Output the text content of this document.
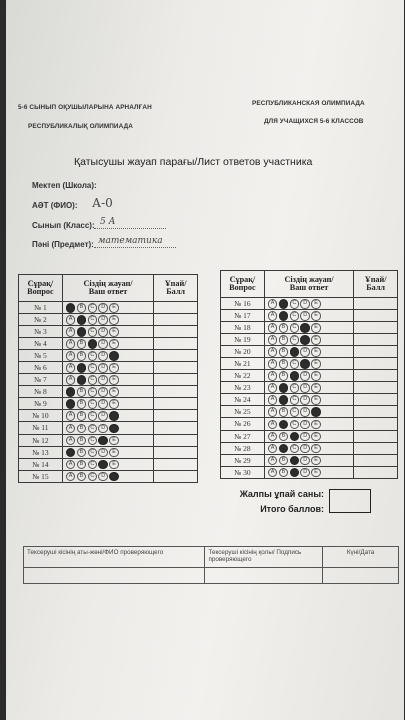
5-6 СЫНЫП ОҚУШЫЛАРЫНА АРНАЛҒАН
РЕСПУБЛИКАЛЫҚ ОЛИМПИАДА
РЕСПУБЛИКАНСКАЯ ОЛИМПИАДА
ДЛЯ УЧАЩИХСЯ 5-6 КЛАССОВ
Қатысушы жауап парағы/Лист ответов участника
Мектеп (Школа):
АӘТ (ФИО): А-0
Сынып (Класс): 5 А
Пәні (Предмет): математика
Сұрақ/
Вопрос	Сіздің жауап/
Ваш ответ	Ұпай/
Балл
№ 1	A B C D E	
№ 2	A B C D E	
№ 3	A B C D E	
№ 4	A B C D E	
№ 5	A B C D E	
№ 6	A B C D E	
№ 7	A B C D E	
№ 8	A B C D E	
№ 9	A B C D E	
№ 10	A B C D E	
№ 11	A B C D E	
№ 12	A B C D E	
№ 13	A B C D E	
№ 14	A B C D E	
№ 15	A B C D E	
Сұрақ/
Вопрос	Сіздің жауап/
Ваш ответ	Ұпай/
Балл
№ 16	A B C D E	
№ 17	A B C D E	
№ 18	A B C D E	
№ 19	A B C D E	
№ 20	A B C D E	
№ 21	A B C D E	
№ 22	A B C D E	
№ 23	A B C D E	
№ 24	A B C D E	
№ 25	A B C D E	
№ 26	A B C D E	
№ 27	A B C D E	
№ 28	A B C D E	
№ 29	A B C D E	
№ 30	A B C D E	
Жалпы ұпай саны:
Итого баллов:
Тексеруші кісінің аты-жөні/ФИО проверяющего	Тексеруші кісінің қолы/ Подпись проверяющего	Күні/Дата
